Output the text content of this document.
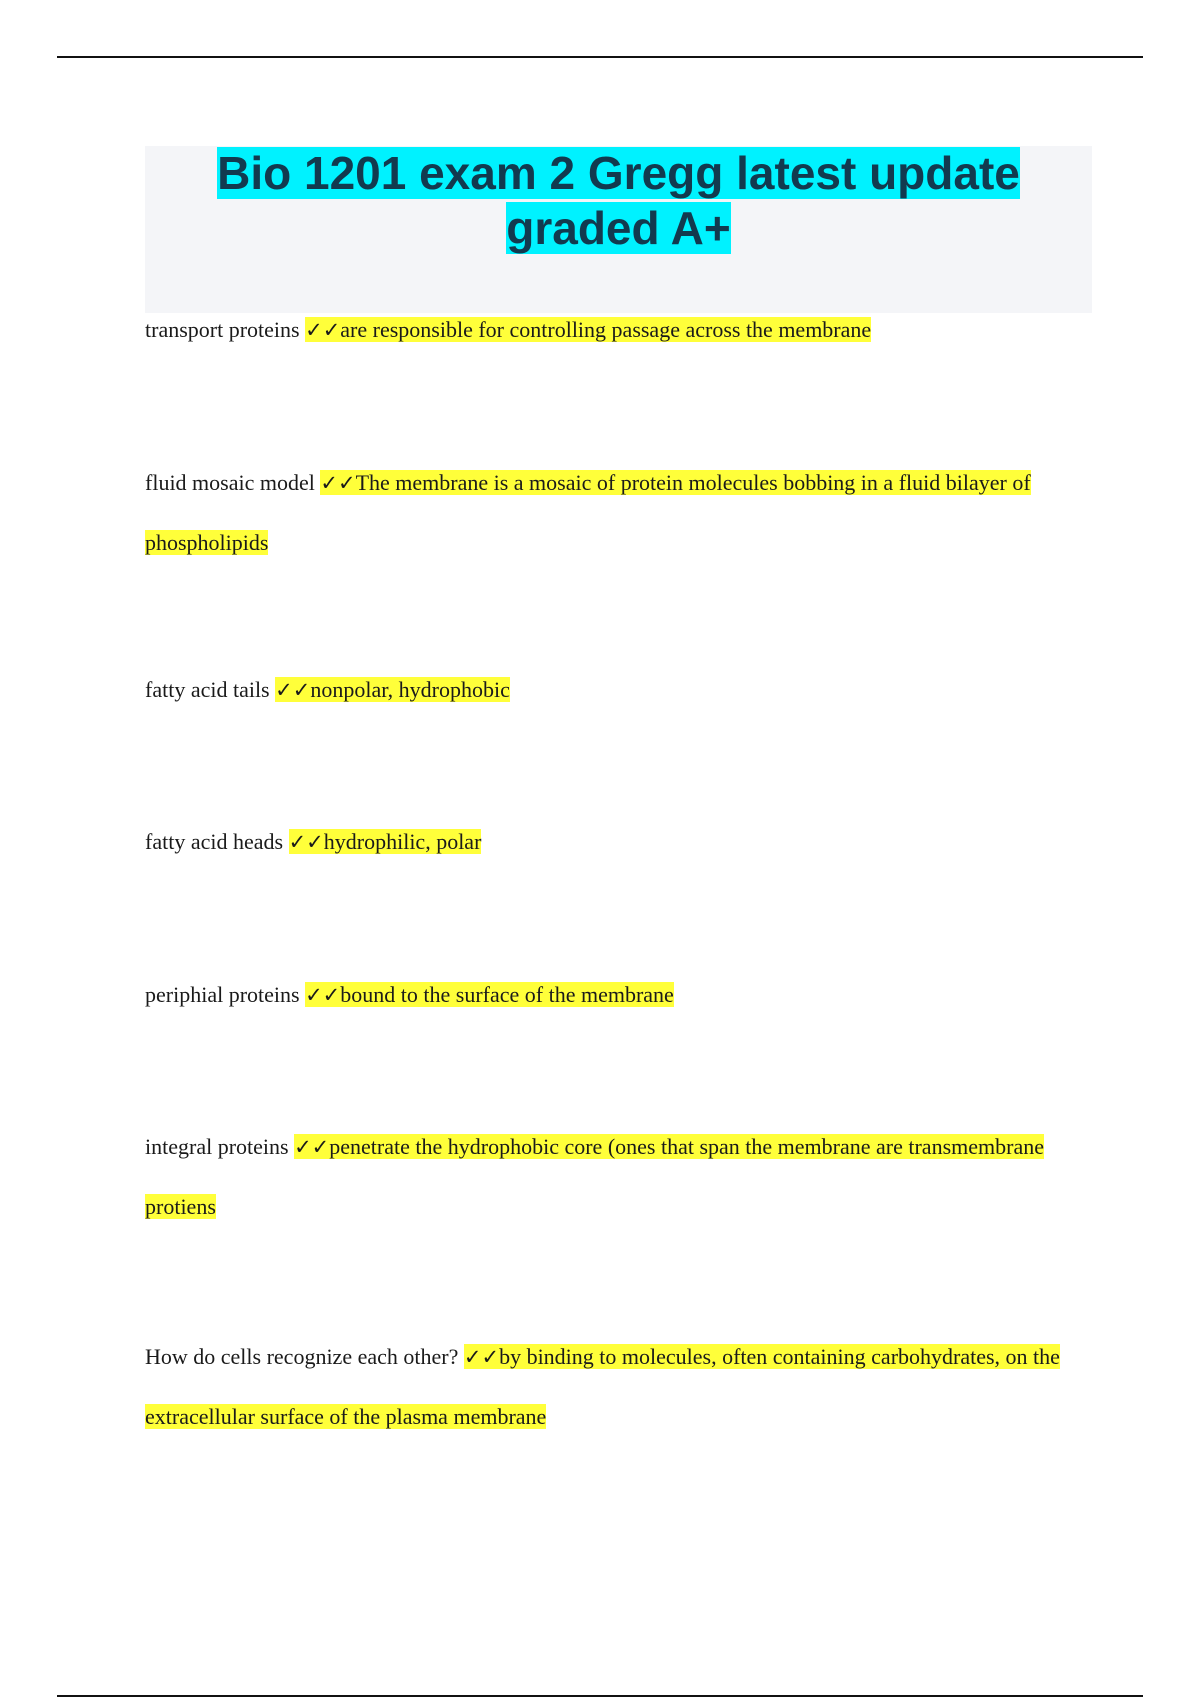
Bio 1201 exam 2 Gregg latest update
graded A+

transport proteins ✓✓are responsible for controlling passage across the membrane

fluid mosaic model ✓✓The membrane is a mosaic of protein molecules bobbing in a fluid bilayer of phospholipids

fatty acid tails ✓✓nonpolar, hydrophobic

fatty acid heads ✓✓hydrophilic, polar

periphial proteins ✓✓bound to the surface of the membrane

integral proteins ✓✓penetrate the hydrophobic core (ones that span the membrane are transmembrane protiens

How do cells recognize each other? ✓✓by binding to molecules, often containing carbohydrates, on the extracellular surface of the plasma membrane
